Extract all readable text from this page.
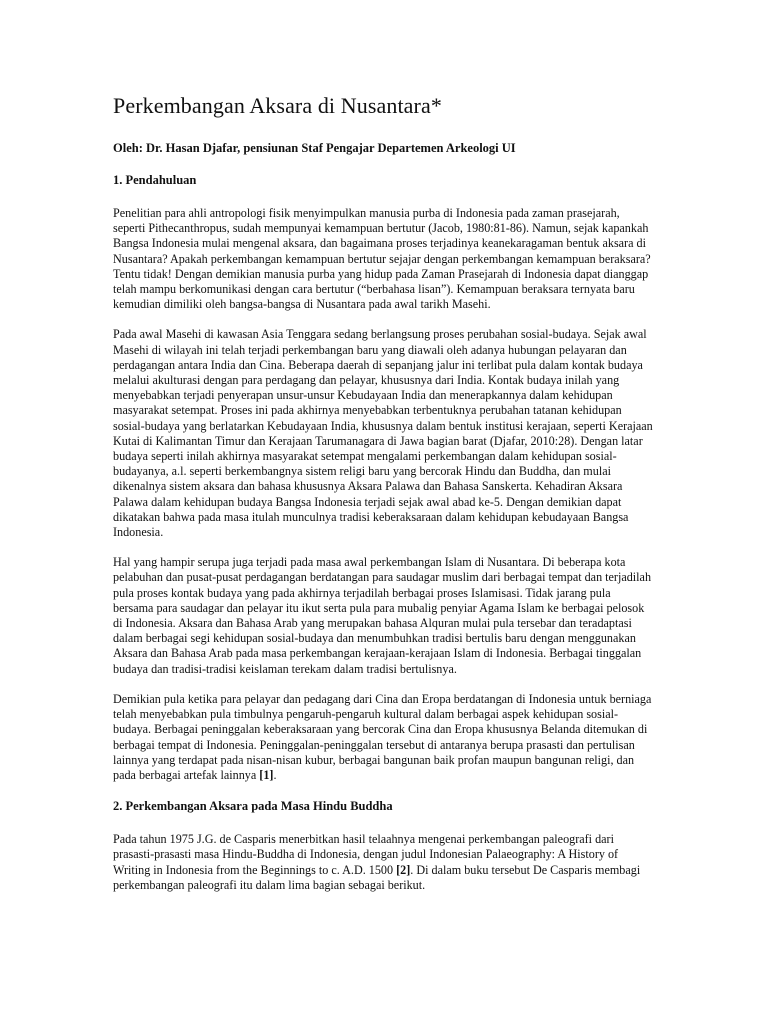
Perkembangan Aksara di Nusantara*

Oleh: Dr. Hasan Djafar, pensiunan Staf Pengajar Departemen Arkeologi UI

1. Pendahuluan

Penelitian para ahli antropologi fisik menyimpulkan manusia purba di Indonesia pada zaman prasejarah, seperti Pithecanthropus, sudah mempunyai kemampuan bertutur (Jacob, 1980:81-86). Namun, sejak kapankah Bangsa Indonesia mulai mengenal aksara, dan bagaimana proses terjadinya keanekaragaman bentuk aksara di Nusantara? Apakah perkembangan kemampuan bertutur sejajar dengan perkembangan kemampuan beraksara? Tentu tidak! Dengan demikian manusia purba yang hidup pada Zaman Prasejarah di Indonesia dapat dianggap telah mampu berkomunikasi dengan cara bertutur (“berbahasa lisan”). Kemampuan beraksara ternyata baru kemudian dimiliki oleh bangsa-bangsa di Nusantara pada awal tarikh Masehi.

Pada awal Masehi di kawasan Asia Tenggara sedang berlangsung proses perubahan sosial-budaya. Sejak awal Masehi di wilayah ini telah terjadi perkembangan baru yang diawali oleh adanya hubungan pelayaran dan perdagangan antara India dan Cina. Beberapa daerah di sepanjang jalur ini terlibat pula dalam kontak budaya melalui akulturasi dengan para perdagang dan pelayar, khususnya dari India. Kontak budaya inilah yang menyebabkan terjadi penyerapan unsur-unsur Kebudayaan India dan menerapkannya dalam kehidupan masyarakat setempat. Proses ini pada akhirnya menyebabkan terbentuknya perubahan tatanan kehidupan sosial-budaya yang berlatarkan Kebudayaan India, khususnya dalam bentuk institusi kerajaan, seperti Kerajaan Kutai di Kalimantan Timur dan Kerajaan Tarumanagara di Jawa bagian barat (Djafar, 2010:28). Dengan latar budaya seperti inilah akhirnya masyarakat setempat mengalami perkembangan dalam kehidupan sosial-budayanya, a.l. seperti berkembangnya sistem religi baru yang bercorak Hindu dan Buddha, dan mulai dikenalnya sistem aksara dan bahasa khususnya Aksara Palawa dan Bahasa Sanskerta. Kehadiran Aksara Palawa dalam kehidupan budaya Bangsa Indonesia terjadi sejak awal abad ke-5. Dengan demikian dapat dikatakan bahwa pada masa itulah munculnya tradisi keberaksaraan dalam kehidupan kebudayaan Bangsa Indonesia.

Hal yang hampir serupa juga terjadi pada masa awal perkembangan Islam di Nusantara. Di beberapa kota pelabuhan dan pusat-pusat perdagangan berdatangan para saudagar muslim dari berbagai tempat dan terjadilah pula proses kontak budaya yang pada akhirnya terjadilah berbagai proses Islamisasi. Tidak jarang pula bersama para saudagar dan pelayar itu ikut serta pula para mubalig penyiar Agama Islam ke berbagai pelosok di Indonesia. Aksara dan Bahasa Arab yang merupakan bahasa Alquran mulai pula tersebar dan teradaptasi dalam berbagai segi kehidupan sosial-budaya dan menumbuhkan tradisi bertulis baru dengan menggunakan Aksara dan Bahasa Arab pada masa perkembangan kerajaan-kerajaan Islam di Indonesia. Berbagai tinggalan budaya dan tradisi-tradisi keislaman terekam dalam tradisi bertulisnya.

Demikian pula ketika para pelayar dan pedagang dari Cina dan Eropa berdatangan di Indonesia untuk berniaga telah menyebabkan pula timbulnya pengaruh-pengaruh kultural dalam berbagai aspek kehidupan sosial-budaya. Berbagai peninggalan keberaksaraan yang bercorak Cina dan Eropa khususnya Belanda ditemukan di berbagai tempat di Indonesia. Peninggalan-peninggalan tersebut di antaranya berupa prasasti dan pertulisan lainnya yang terdapat pada nisan-nisan kubur, berbagai bangunan baik profan maupun bangunan religi, dan pada berbagai artefak lainnya [1].

2. Perkembangan Aksara pada Masa Hindu Buddha

Pada tahun 1975 J.G. de Casparis menerbitkan hasil telaahnya mengenai perkembangan paleografi dari prasasti-prasasti masa Hindu-Buddha di Indonesia, dengan judul Indonesian Palaeography: A History of Writing in Indonesia from the Beginnings to c. A.D. 1500 [2]. Di dalam buku tersebut De Casparis membagi perkembangan paleografi itu dalam lima bagian sebagai berikut.
